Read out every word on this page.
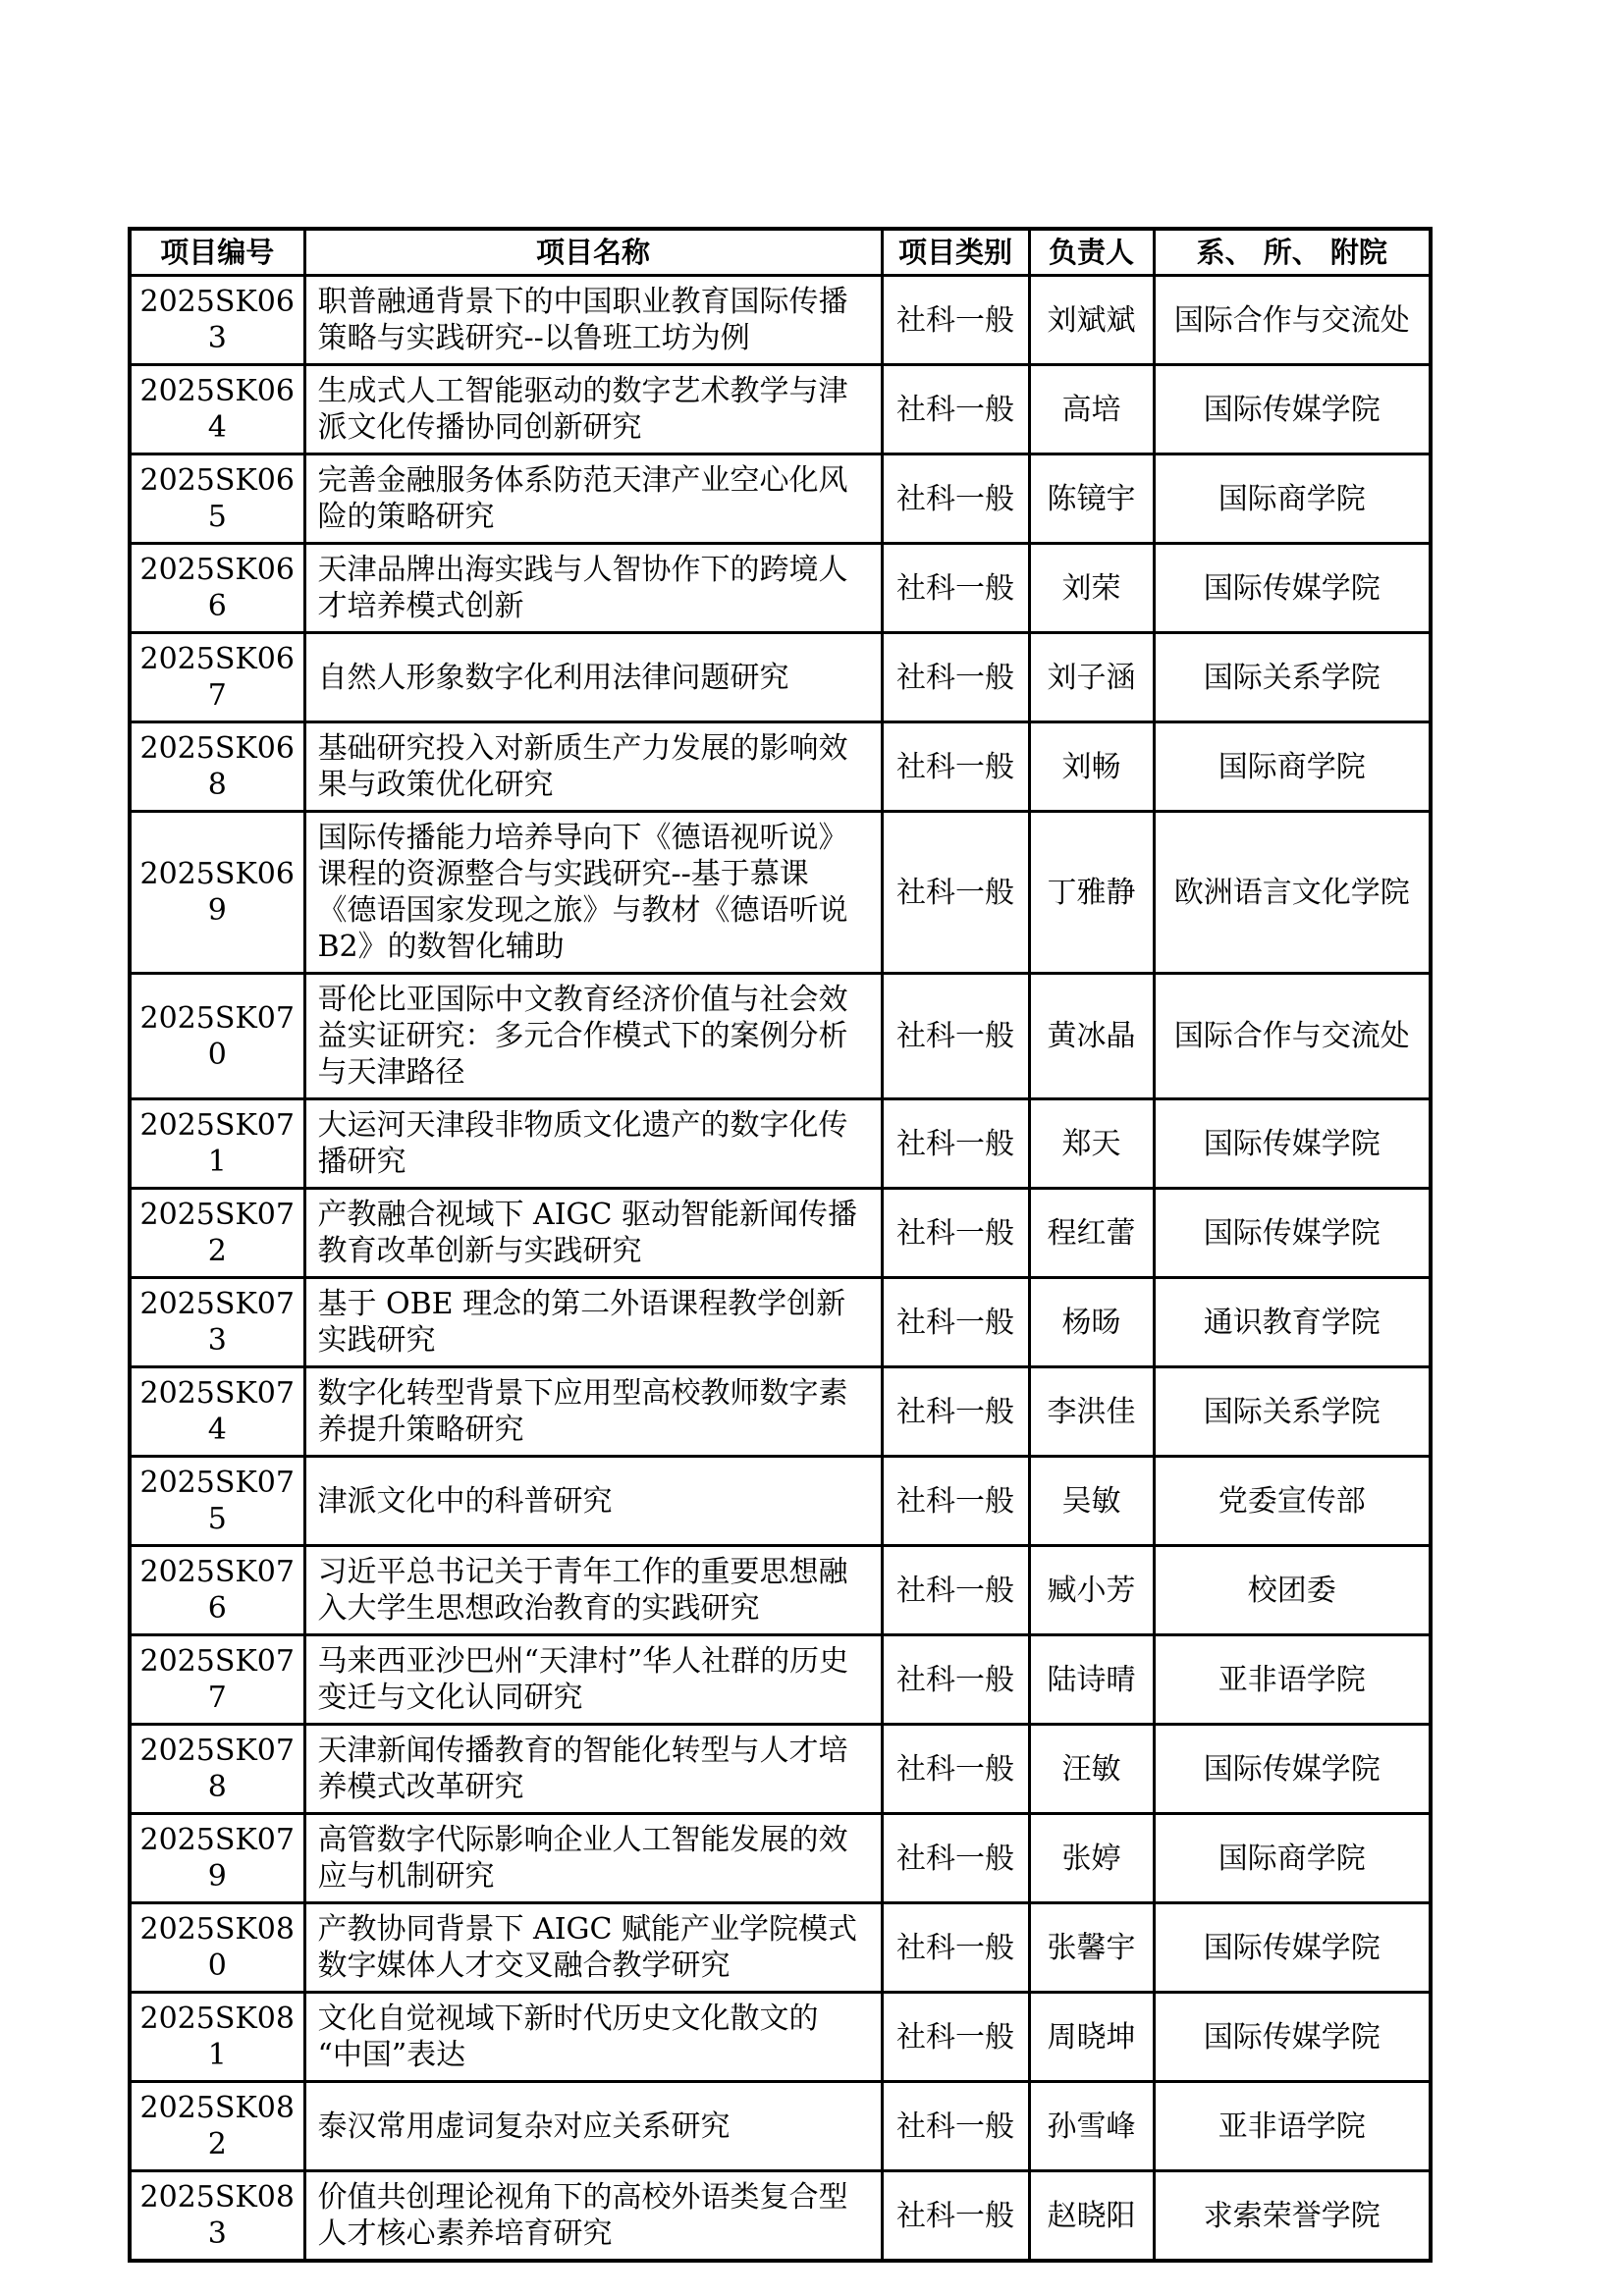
项目编号	项目名称	项目类别	负责人	系、 所、 附院
2025SK063	职普融通背景下的中国职业教育国际传播策略与实践研究--以鲁班工坊为例	社科一般	刘斌斌	国际合作与交流处
2025SK064	生成式人工智能驱动的数字艺术教学与津派文化传播协同创新研究	社科一般	高培	国际传媒学院
2025SK065	完善金融服务体系防范天津产业空心化风险的策略研究	社科一般	陈镜宇	国际商学院
2025SK066	天津品牌出海实践与人智协作下的跨境人才培养模式创新	社科一般	刘荣	国际传媒学院
2025SK067	自然人形象数字化利用法律问题研究	社科一般	刘子涵	国际关系学院
2025SK068	基础研究投入对新质生产力发展的影响效果与政策优化研究	社科一般	刘畅	国际商学院
2025SK069	国际传播能力培养导向下《德语视听说》课程的资源整合与实践研究--基于慕课《德语国家发现之旅》与教材《德语听说 B2》的数智化辅助	社科一般	丁雅静	欧洲语言文化学院
2025SK070	哥伦比亚国际中文教育经济价值与社会效益实证研究：多元合作模式下的案例分析与天津路径	社科一般	黄冰晶	国际合作与交流处
2025SK071	大运河天津段非物质文化遗产的数字化传播研究	社科一般	郑天	国际传媒学院
2025SK072	产教融合视域下 AIGC 驱动智能新闻传播教育改革创新与实践研究	社科一般	程红蕾	国际传媒学院
2025SK073	基于 OBE 理念的第二外语课程教学创新实践研究	社科一般	杨旸	通识教育学院
2025SK074	数字化转型背景下应用型高校教师数字素养提升策略研究	社科一般	李洪佳	国际关系学院
2025SK075	津派文化中的科普研究	社科一般	吴敏	党委宣传部
2025SK076	习近平总书记关于青年工作的重要思想融入大学生思想政治教育的实践研究	社科一般	臧小芳	校团委
2025SK077	马来西亚沙巴州“天津村”华人社群的历史变迁与文化认同研究	社科一般	陆诗晴	亚非语学院
2025SK078	天津新闻传播教育的智能化转型与人才培养模式改革研究	社科一般	汪敏	国际传媒学院
2025SK079	高管数字代际影响企业人工智能发展的效应与机制研究	社科一般	张婷	国际商学院
2025SK080	产教协同背景下 AIGC 赋能产业学院模式数字媒体人才交叉融合教学研究	社科一般	张馨宇	国际传媒学院
2025SK081	文化自觉视域下新时代历史文化散文的“中国”表达	社科一般	周晓坤	国际传媒学院
2025SK082	泰汉常用虚词复杂对应关系研究	社科一般	孙雪峰	亚非语学院
2025SK083	价值共创理论视角下的高校外语类复合型人才核心素养培育研究	社科一般	赵晓阳	求索荣誉学院
